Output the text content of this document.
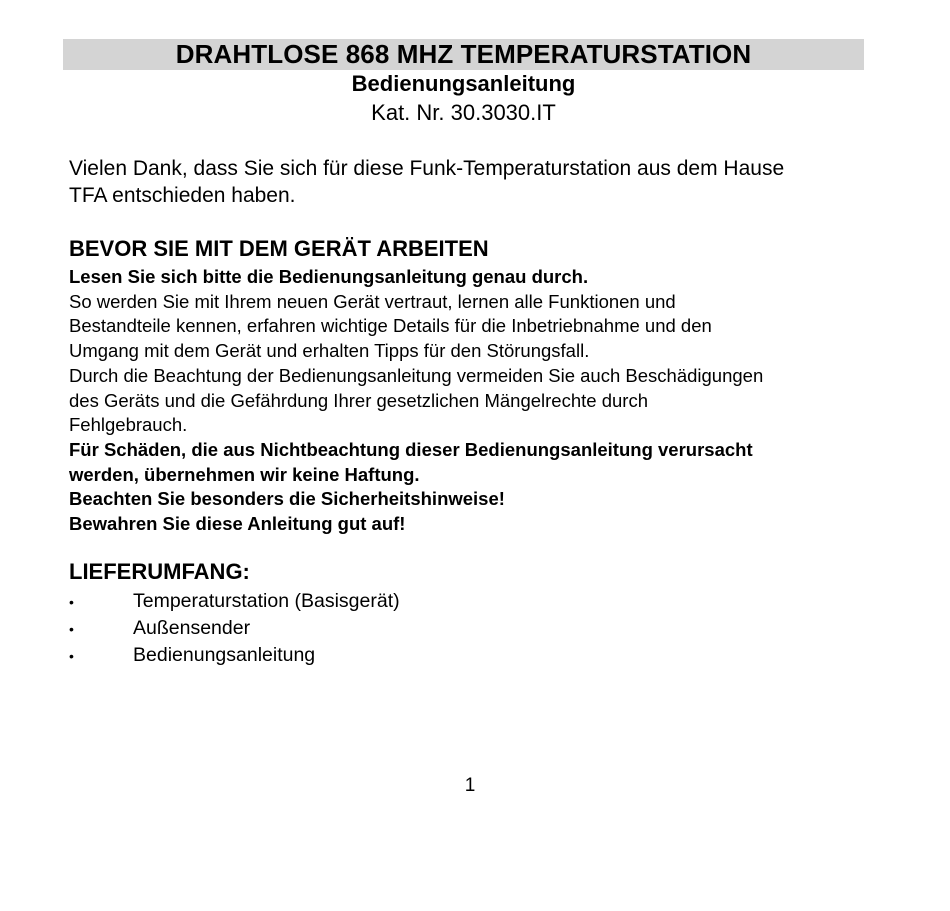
DRAHTLOSE 868 MHZ TEMPERATURSTATION
Bedienungsanleitung
Kat. Nr. 30.3030.IT
Vielen Dank, dass Sie sich für diese Funk-Temperaturstation aus dem Hause
TFA entschieden haben.
BEVOR SIE MIT DEM GERÄT ARBEITEN
Lesen Sie sich bitte die Bedienungsanleitung genau durch.
So werden Sie mit Ihrem neuen Gerät vertraut, lernen alle Funktionen und
Bestandteile kennen, erfahren wichtige Details für die Inbetriebnahme und den
Umgang mit dem Gerät und erhalten Tipps für den Störungsfall.
Durch die Beachtung der Bedienungsanleitung vermeiden Sie auch Beschädigungen
des Geräts und die Gefährdung Ihrer gesetzlichen Mängelrechte durch
Fehlgebrauch.
Für Schäden, die aus Nichtbeachtung dieser Bedienungsanleitung verursacht
werden, übernehmen wir keine Haftung.
Beachten Sie besonders die Sicherheitshinweise!
Bewahren Sie diese Anleitung gut auf!
LIEFERUMFANG:
•	Temperaturstation (Basisgerät)
•	Außensender
•	Bedienungsanleitung
1
